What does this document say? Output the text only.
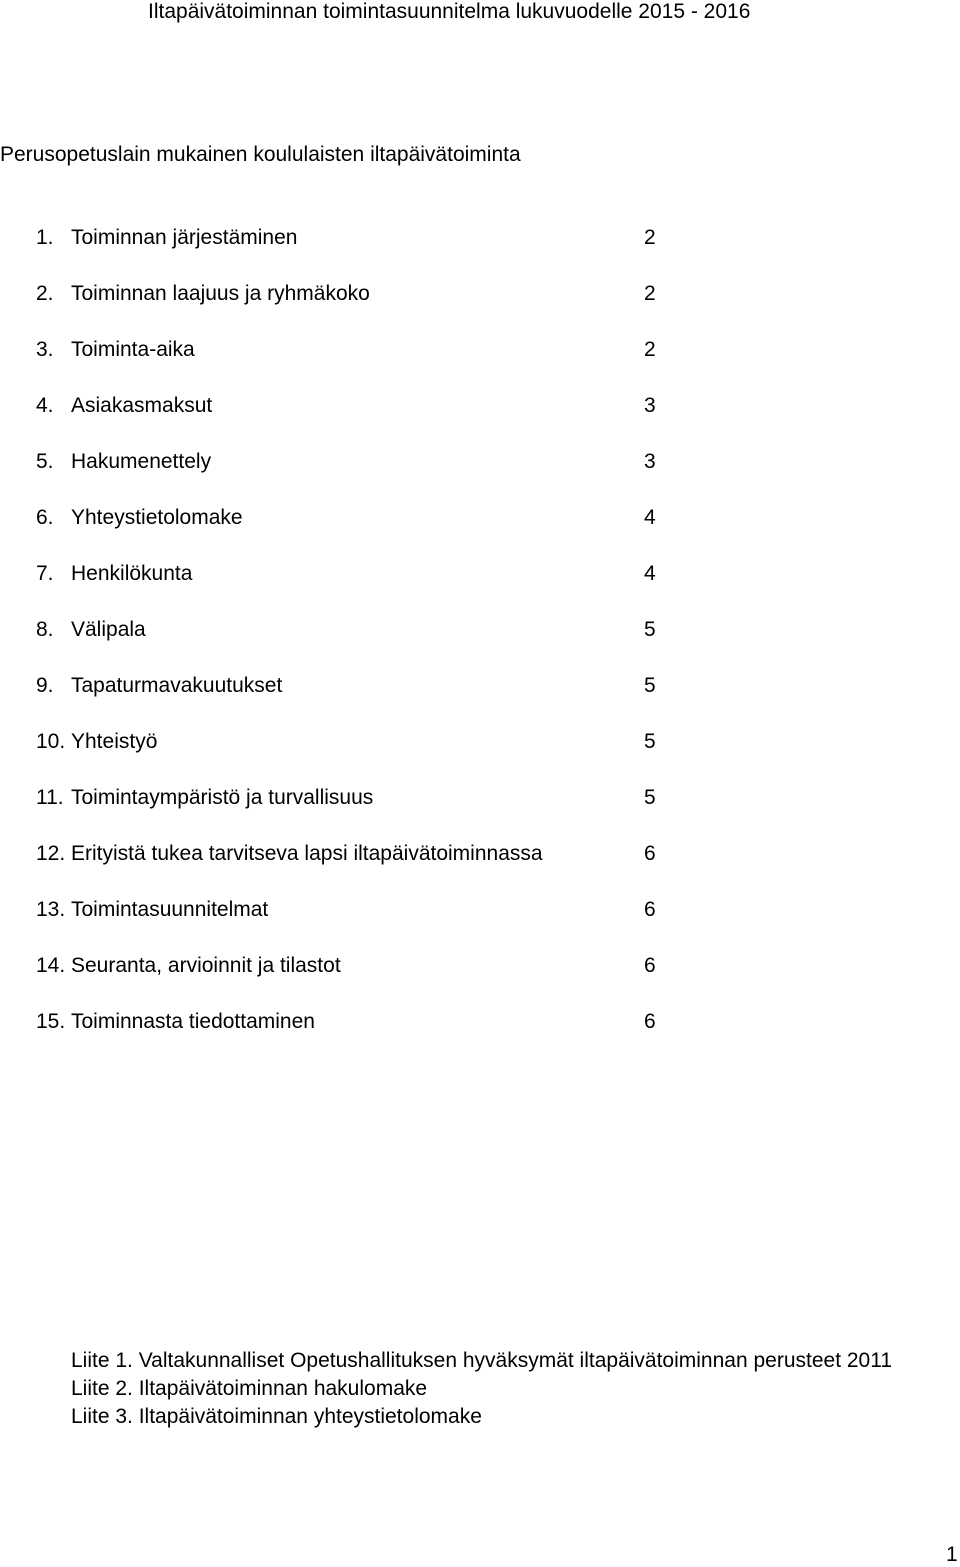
Iltapäivätoiminnan toimintasuunnitelma lukuvuodelle 2015 - 2016
Perusopetuslain mukainen koululaisten iltapäivätoiminta
1. Toiminnan järjestäminen	2
2. Toiminnan laajuus ja ryhmäkoko	2
3. Toiminta-aika	2
4. Asiakasmaksut	3
5. Hakumenettely	3
6. Yhteystietolomake	4
7. Henkilökunta	4
8. Välipala	5
9. Tapaturmavakuutukset	5
10. Yhteistyö	5
11. Toimintaympäristö ja turvallisuus	5
12. Erityistä tukea tarvitseva lapsi iltapäivätoiminnassa	6
13. Toimintasuunnitelmat	6
14. Seuranta, arvioinnit ja tilastot	6
15. Toiminnasta tiedottaminen	6
Liite 1. Valtakunnalliset Opetushallituksen hyväksymät iltapäivätoiminnan perusteet 2011
Liite 2. Iltapäivätoiminnan hakulomake
Liite 3. Iltapäivätoiminnan yhteystietolomake
1
